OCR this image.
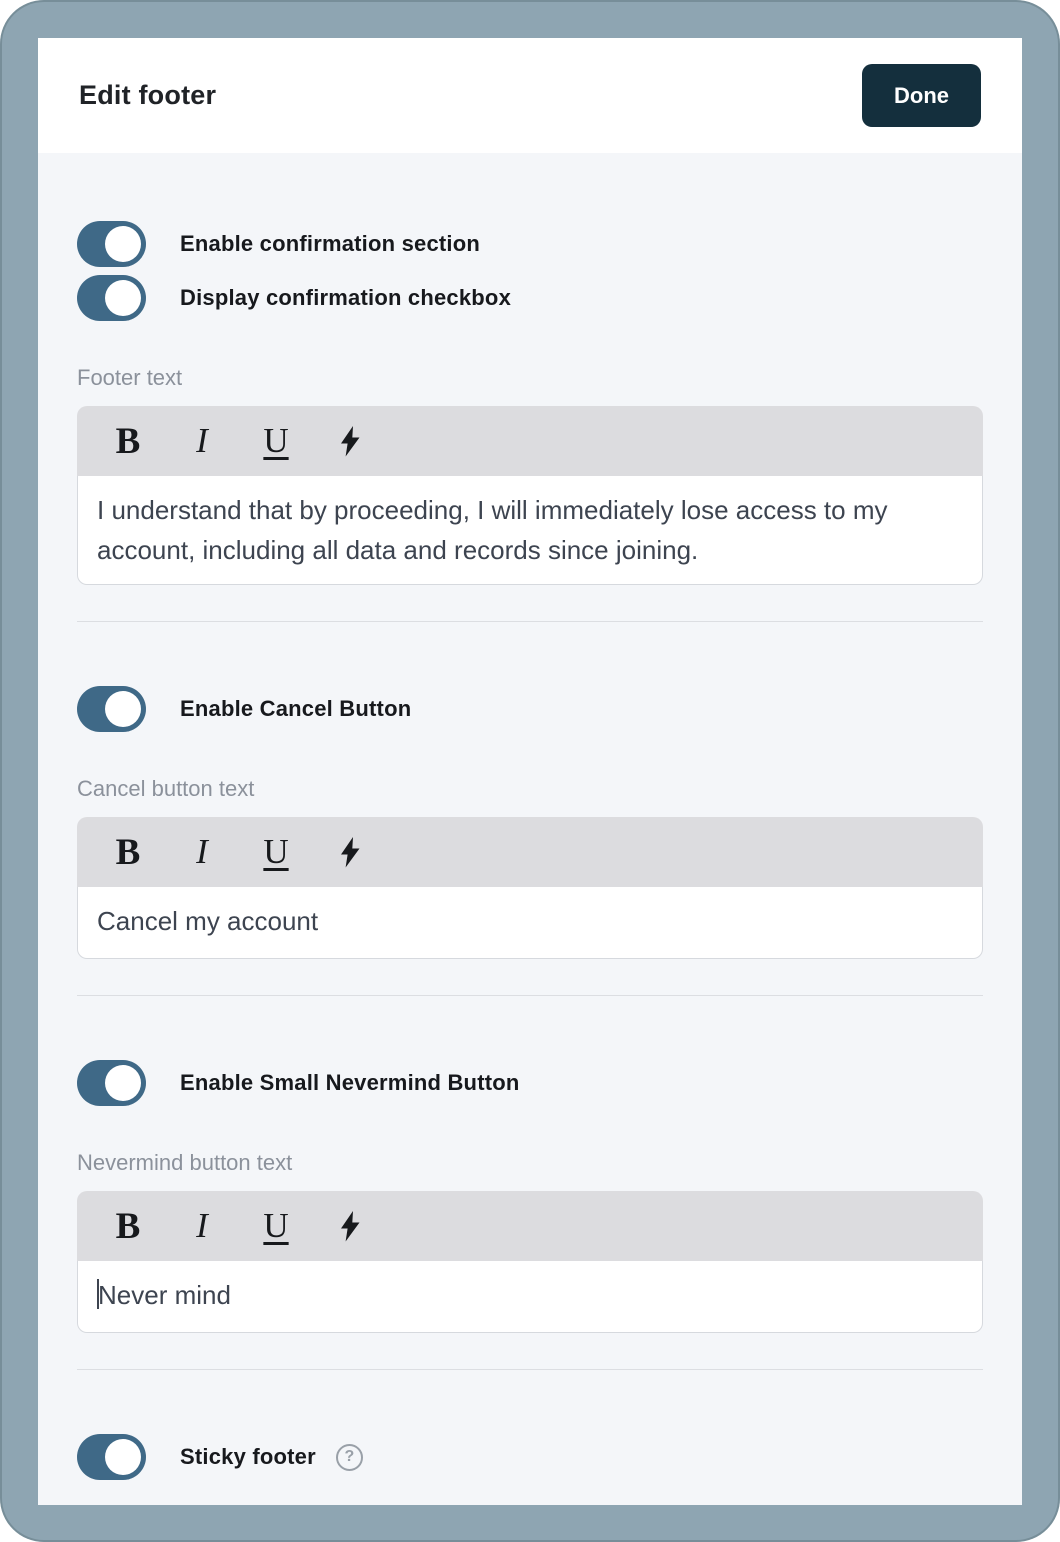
Edit footer	Done
Enable confirmation section
Display confirmation checkbox
Footer text
B	I	U
I understand that by proceeding, I will immediately lose access to my account, including all data and records since joining.
Enable Cancel Button
Cancel button text
B	I	U
Cancel my account
Enable Small Nevermind Button
Nevermind button text
B	I	U
Never mind
Sticky footer	?
